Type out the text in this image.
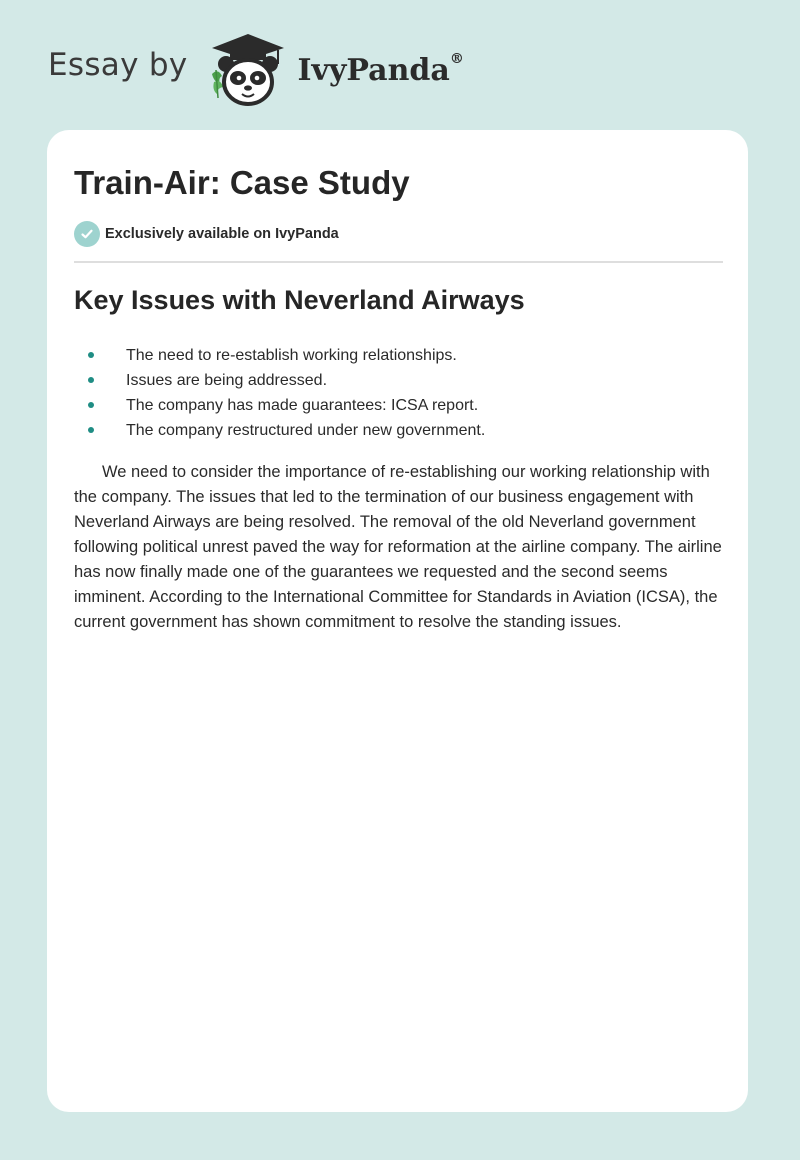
Essay by	IvyPanda®
Train-Air: Case Study
Exclusively available on IvyPanda
Key Issues with Neverland Airways
The need to re-establish working relationships.
Issues are being addressed.
The company has made guarantees: ICSA report.
The company restructured under new government.

We need to consider the importance of re-establishing our working relationship with the company. The issues that led to the termination of our business engagement with Neverland Airways are being resolved. The removal of the old Neverland government following political unrest paved the way for reformation at the airline company. The airline has now finally made one of the guarantees we requested and the second seems imminent. According to the International Committee for Standards in Aviation (ICSA), the current government has shown commitment to resolve the standing issues.
